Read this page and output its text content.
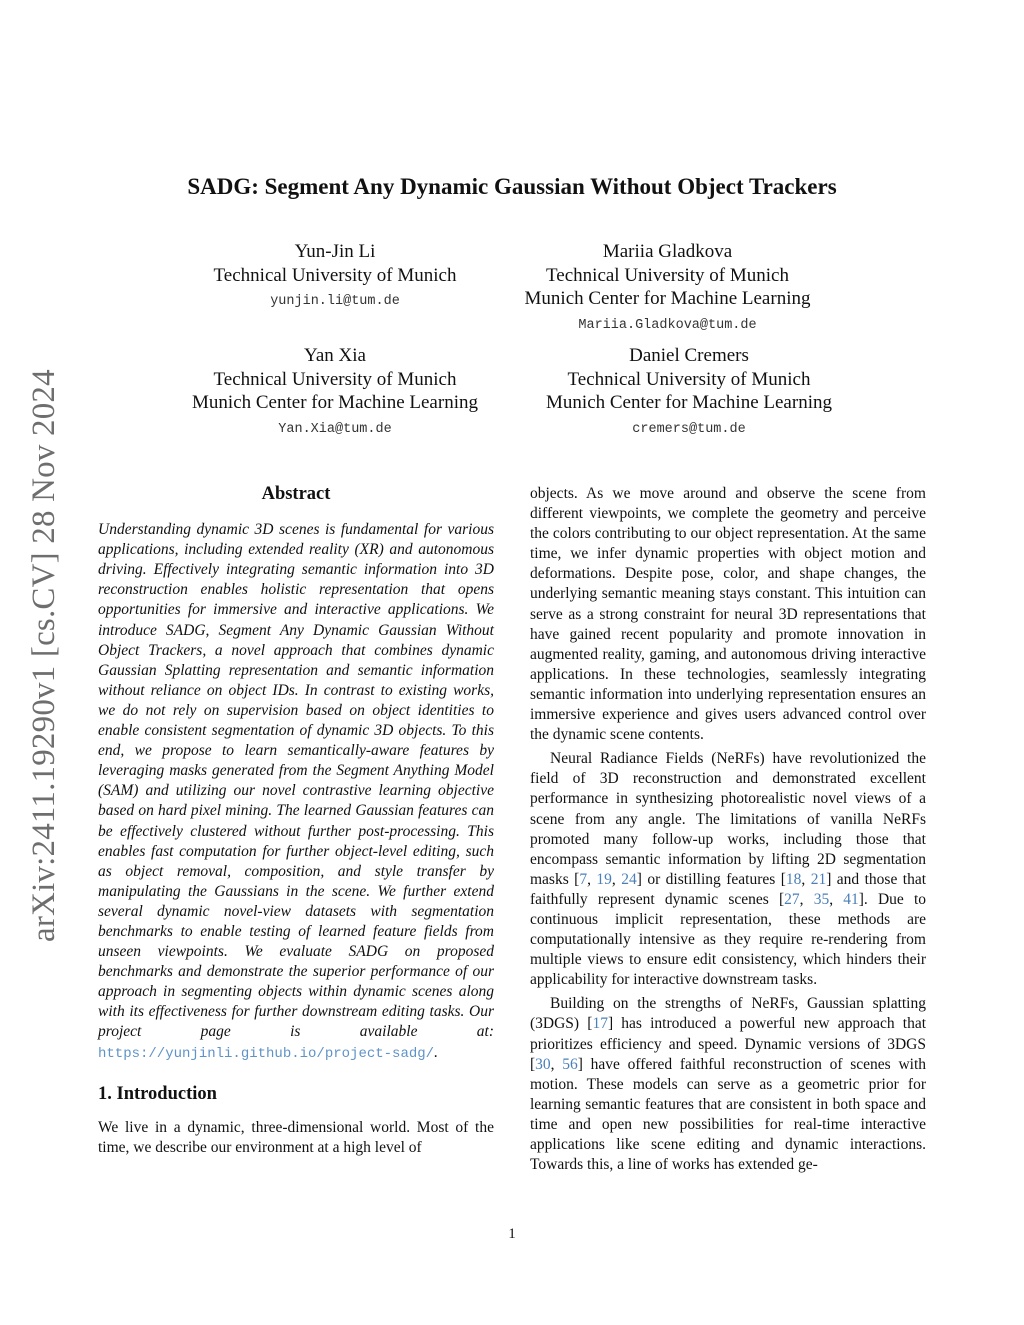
arXiv:2411.19290v1 [cs.CV] 28 Nov 2024
SADG: Segment Any Dynamic Gaussian Without Object Trackers
Yun-Jin Li
Technical University of Munich
yunjin.li@tum.de
Mariia Gladkova
Technical University of Munich
Munich Center for Machine Learning
Mariia.Gladkova@tum.de
Yan Xia
Technical University of Munich
Munich Center for Machine Learning
Yan.Xia@tum.de
Daniel Cremers
Technical University of Munich
Munich Center for Machine Learning
cremers@tum.de
Abstract

Understanding dynamic 3D scenes is fundamental for various applications, including extended reality (XR) and autonomous driving. Effectively integrating semantic information into 3D reconstruction enables holistic representation that opens opportunities for immersive and interactive applications. We introduce SADG, Segment Any Dynamic Gaussian Without Object Trackers, a novel approach that combines dynamic Gaussian Splatting representation and semantic information without reliance on object IDs. In contrast to existing works, we do not rely on supervision based on object identities to enable consistent segmentation of dynamic 3D objects. To this end, we propose to learn semantically-aware features by leveraging masks generated from the Segment Anything Model (SAM) and utilizing our novel contrastive learning objective based on hard pixel mining. The learned Gaussian features can be effectively clustered without further post-processing. This enables fast computation for further object-level editing, such as object removal, composition, and style transfer by manipulating the Gaussians in the scene. We further extend several dynamic novel-view datasets with segmentation benchmarks to enable testing of learned feature fields from unseen viewpoints. We evaluate SADG on proposed benchmarks and demonstrate the superior performance of our approach in segmenting objects within dynamic scenes along with its effectiveness for further downstream editing tasks. Our project page is available at: https://yunjinli.github.io/project-sadg/.

1. Introduction

We live in a dynamic, three-dimensional world. Most of the time, we describe our environment at a high level of

objects. As we move around and observe the scene from different viewpoints, we complete the geometry and perceive the colors contributing to our object representation. At the same time, we infer dynamic properties with object motion and deformations. Despite pose, color, and shape changes, the underlying semantic meaning stays constant. This intuition can serve as a strong constraint for neural 3D representations that have gained recent popularity and promote innovation in augmented reality, gaming, and autonomous driving interactive applications. In these technologies, seamlessly integrating semantic information into underlying representation ensures an immersive experience and gives users advanced control over the dynamic scene contents.

Neural Radiance Fields (NeRFs) have revolutionized the field of 3D reconstruction and demonstrated excellent performance in synthesizing photorealistic novel views of a scene from any angle. The limitations of vanilla NeRFs promoted many follow-up works, including those that encompass semantic information by lifting 2D segmentation masks [7, 19, 24] or distilling features [18, 21] and those that faithfully represent dynamic scenes [27, 35, 41]. Due to continuous implicit representation, these methods are computationally intensive as they require re-rendering from multiple views to ensure edit consistency, which hinders their applicability for interactive downstream tasks.

Building on the strengths of NeRFs, Gaussian splatting (3DGS) [17] has introduced a powerful new approach that prioritizes efficiency and speed. Dynamic versions of 3DGS [30, 56] have offered faithful reconstruction of scenes with motion. These models can serve as a geometric prior for learning semantic features that are consistent in both space and time and open new possibilities for real-time interactive applications like scene editing and dynamic interactions. Towards this, a line of works has extended ge-

1
